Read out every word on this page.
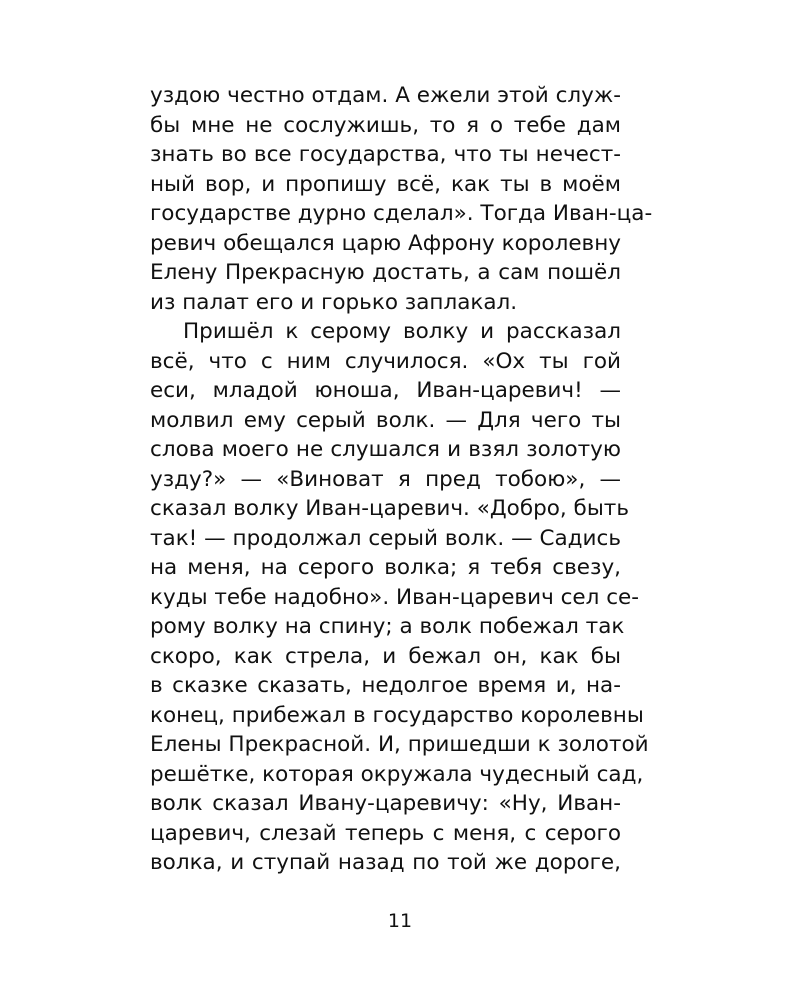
уздою честно отдам. А ежели этой служ-
бы мне не сослужишь, то я о тебе дам
знать во все государства, что ты нечест-
ный вор, и пропишу всё, как ты в моём
государстве дурно сделал». Тогда Иван-ца-
ревич обещался царю Афрону королевну
Елену Прекрасную достать, а сам пошёл
из палат его и горько заплакал.
Пришёл к серому волку и рассказал
всё, что с ним случилося. «Ох ты гой
еси, младой юноша, Иван-царевич! —
молвил ему серый волк. — Для чего ты
слова моего не слушался и взял золотую
узду?» — «Виноват я пред тобою», —
сказал волку Иван-царевич. «Добро, быть
так! — продолжал серый волк. — Садись
на меня, на серого волка; я тебя свезу,
куды тебе надобно». Иван-царевич сел се-
рому волку на спину; а волк побежал так
скоро, как стрела, и бежал он, как бы
в сказке сказать, недолгое время и, на-
конец, прибежал в государство королевны
Елены Прекрасной. И, пришедши к золотой
решётке, которая окружала чудесный сад,
волк сказал Ивану-царевичу: «Ну, Иван-
царевич, слезай теперь с меня, с серого
волка, и ступай назад по той же дороге,
11
